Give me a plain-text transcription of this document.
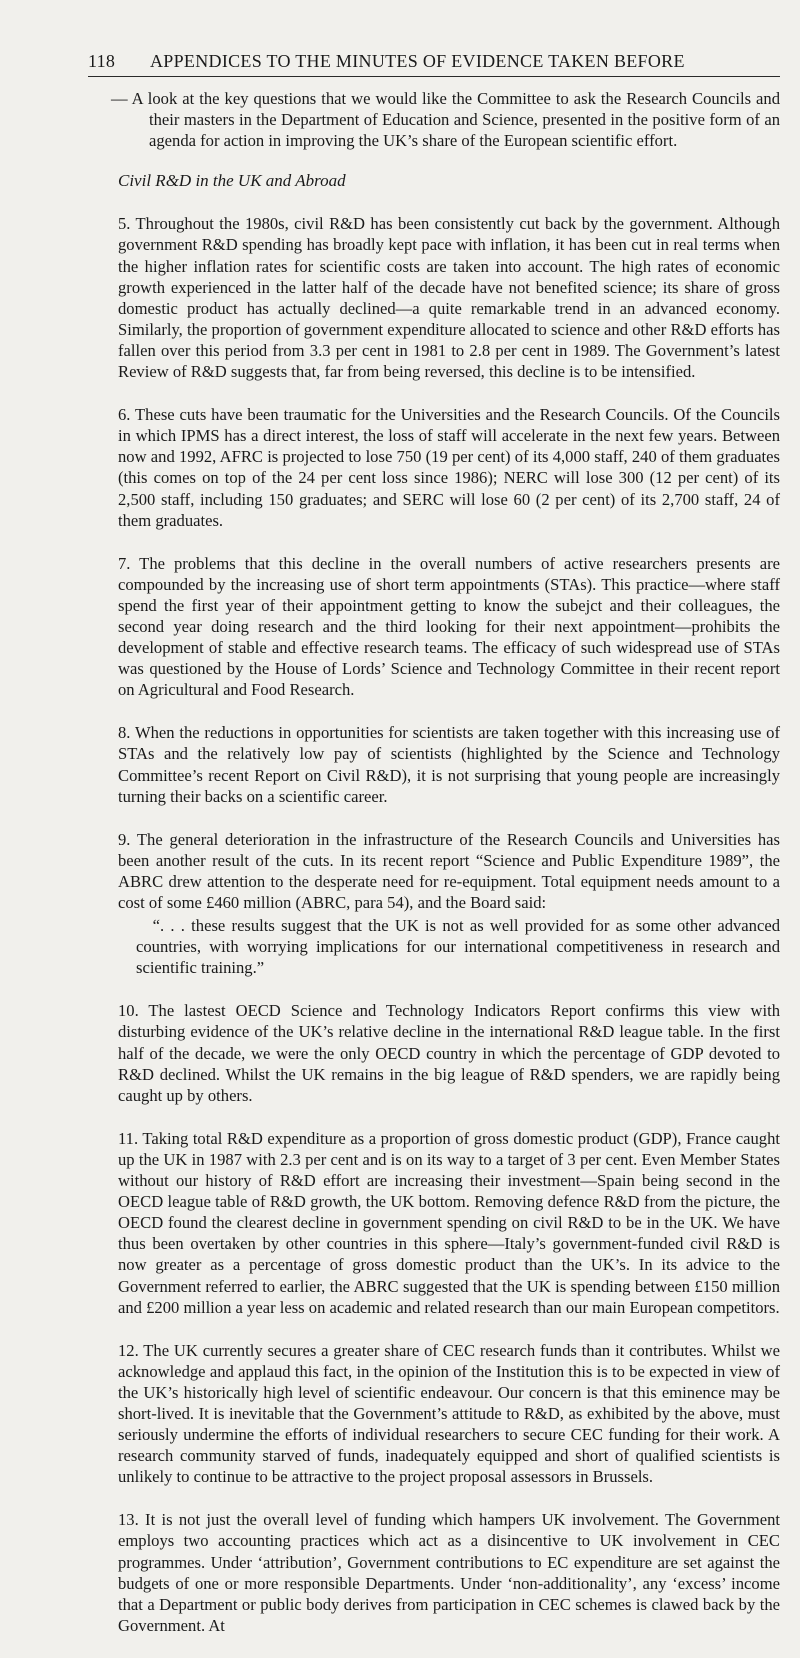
118 APPENDICES TO THE MINUTES OF EVIDENCE TAKEN BEFORE

— A look at the key questions that we would like the Committee to ask the Research Councils and their masters in the Department of Education and Science, presented in the positive form of an agenda for action in improving the UK’s share of the European scientific effort.

Civil R&D in the UK and Abroad

5. Throughout the 1980s, civil R&D has been consistently cut back by the government. Although government R&D spending has broadly kept pace with inflation, it has been cut in real terms when the higher inflation rates for scientific costs are taken into account. The high rates of economic growth experienced in the latter half of the decade have not benefited science; its share of gross domestic product has actually declined—a quite remarkable trend in an advanced economy. Similarly, the proportion of government expenditure allocated to science and other R&D efforts has fallen over this period from 3.3 per cent in 1981 to 2.8 per cent in 1989. The Government’s latest Review of R&D suggests that, far from being reversed, this decline is to be intensified.

6. These cuts have been traumatic for the Universities and the Research Councils. Of the Councils in which IPMS has a direct interest, the loss of staff will accelerate in the next few years. Between now and 1992, AFRC is projected to lose 750 (19 per cent) of its 4,000 staff, 240 of them graduates (this comes on top of the 24 per cent loss since 1986); NERC will lose 300 (12 per cent) of its 2,500 staff, including 150 graduates; and SERC will lose 60 (2 per cent) of its 2,700 staff, 24 of them graduates.

7. The problems that this decline in the overall numbers of active researchers presents are compounded by the increasing use of short term appointments (STAs). This practice—where staff spend the first year of their appointment getting to know the subejct and their colleagues, the second year doing research and the third looking for their next appointment—prohibits the development of stable and effective research teams. The efficacy of such widespread use of STAs was questioned by the House of Lords’ Science and Technology Committee in their recent report on Agricultural and Food Research.

8. When the reductions in opportunities for scientists are taken together with this increasing use of STAs and the relatively low pay of scientists (highlighted by the Science and Technology Committee’s recent Report on Civil R&D), it is not surprising that young people are increasingly turning their backs on a scientific career.

9. The general deterioration in the infrastructure of the Research Councils and Universities has been another result of the cuts. In its recent report “Science and Public Expenditure 1989”, the ABRC drew attention to the desperate need for re-equipment. Total equipment needs amount to a cost of some £460 million (ABRC, para 54), and the Board said:

“. . . these results suggest that the UK is not as well provided for as some other advanced countries, with worrying implications for our international competitiveness in research and scientific training.”

10. The lastest OECD Science and Technology Indicators Report confirms this view with disturbing evidence of the UK’s relative decline in the international R&D league table. In the first half of the decade, we were the only OECD country in which the percentage of GDP devoted to R&D declined. Whilst the UK remains in the big league of R&D spenders, we are rapidly being caught up by others.

11. Taking total R&D expenditure as a proportion of gross domestic product (GDP), France caught up the UK in 1987 with 2.3 per cent and is on its way to a target of 3 per cent. Even Member States without our history of R&D effort are increasing their investment—Spain being second in the OECD league table of R&D growth, the UK bottom. Removing defence R&D from the picture, the OECD found the clearest decline in government spending on civil R&D to be in the UK. We have thus been overtaken by other countries in this sphere—Italy’s government-funded civil R&D is now greater as a percentage of gross domestic product than the UK’s. In its advice to the Government referred to earlier, the ABRC suggested that the UK is spending between £150 million and £200 million a year less on academic and related research than our main European competitors.

12. The UK currently secures a greater share of CEC research funds than it contributes. Whilst we acknowledge and applaud this fact, in the opinion of the Institution this is to be expected in view of the UK’s historically high level of scientific endeavour. Our concern is that this eminence may be short-lived. It is inevitable that the Government’s attitude to R&D, as exhibited by the above, must seriously undermine the efforts of individual researchers to secure CEC funding for their work. A research community starved of funds, inadequately equipped and short of qualified scientists is unlikely to continue to be attractive to the project proposal assessors in Brussels.

13. It is not just the overall level of funding which hampers UK involvement. The Government employs two accounting practices which act as a disincentive to UK involvement in CEC programmes. Under ‘attribution’, Government contributions to EC expenditure are set against the budgets of one or more responsible Departments. Under ‘non-additionality’, any ‘excess’ income that a Department or public body derives from participation in CEC schemes is clawed back by the Government. At
